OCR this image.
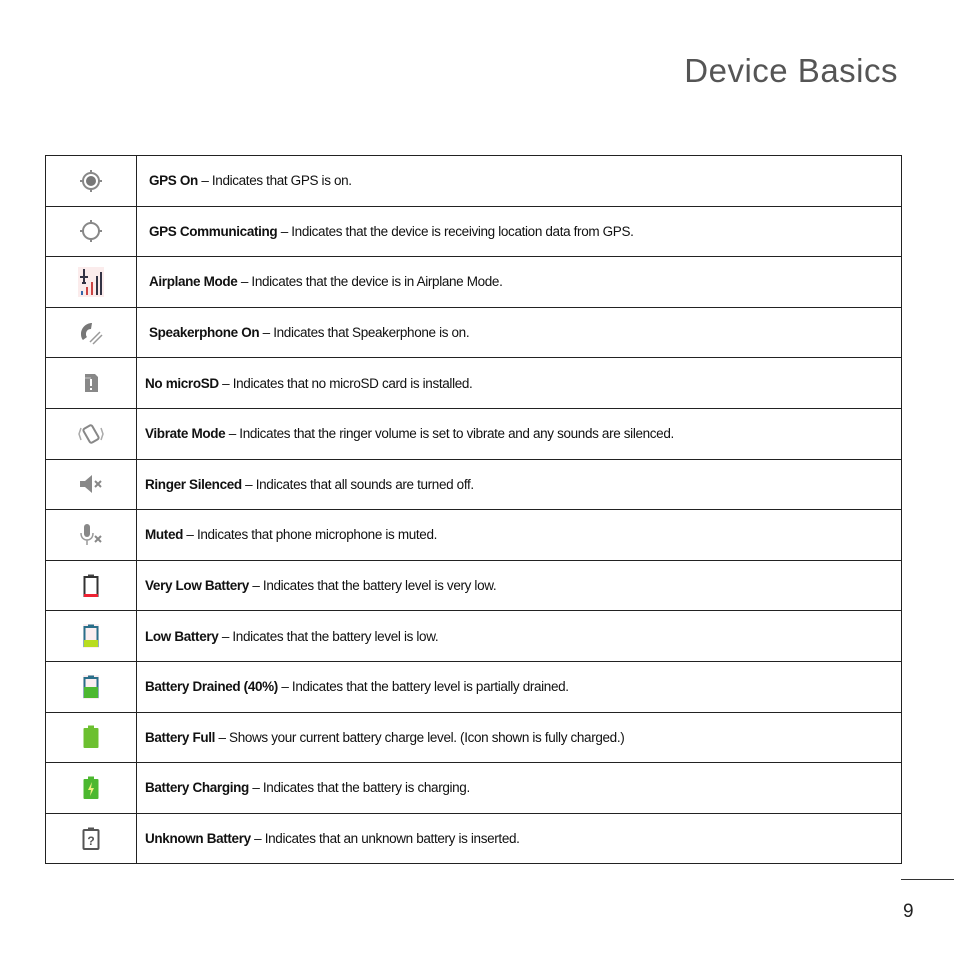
Device Basics
	GPS On – Indicates that GPS is on.

	GPS Communicating – Indicates that the device is receiving location data from GPS.

	Airplane Mode – Indicates that the device is in Airplane Mode.

	Speakerphone On – Indicates that Speakerphone is on.

	No microSD – Indicates that no microSD card is installed.

	Vibrate Mode – Indicates that the ringer volume is set to vibrate and any sounds are silenced.

	Ringer Silenced – Indicates that all sounds are turned off.

	Muted – Indicates that phone microphone is muted.

	Very Low Battery – Indicates that the battery level is very low.

	Low Battery – Indicates that the battery level is low.

	Battery Drained (40%) – Indicates that the battery level is partially drained.

	Battery Full – Shows your current battery charge level. (Icon shown is fully charged.)

	Battery Charging – Indicates that the battery is charging.

?	Unknown Battery – Indicates that an unknown battery is inserted.
9
